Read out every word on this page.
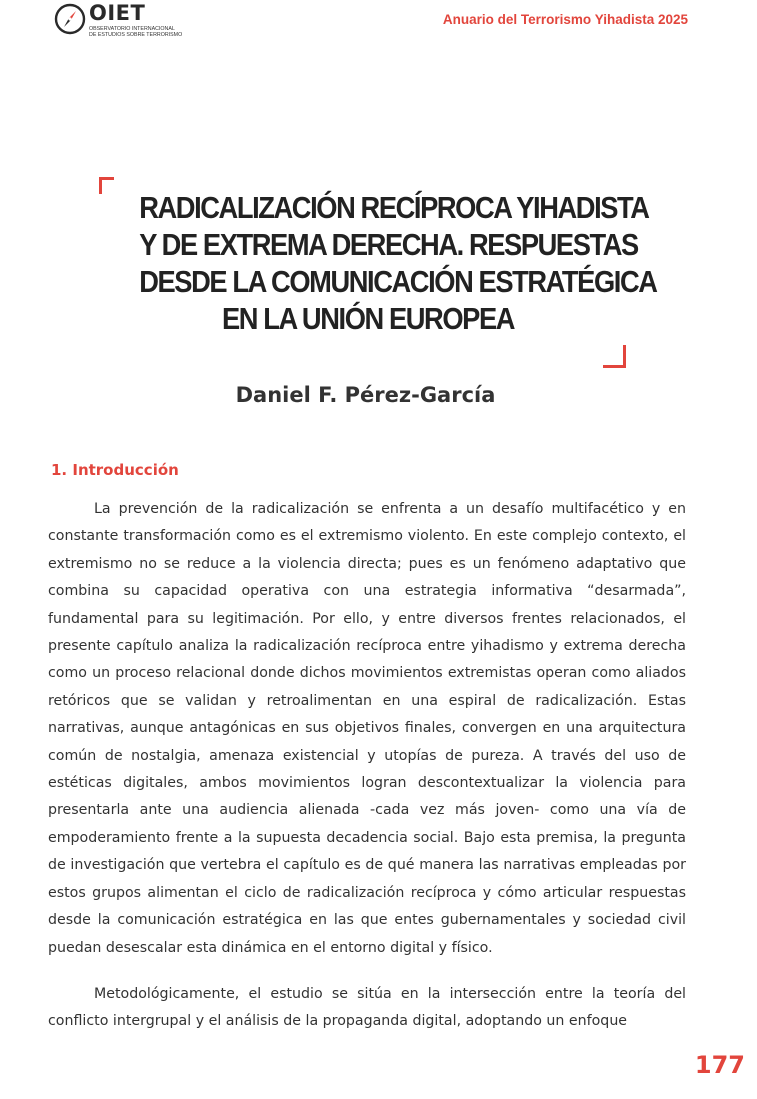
OIET
OBSERVATORIO INTERNACIONAL
DE ESTUDIOS SOBRE TERRORISMO
Anuario del Terrorismo Yihadista 2025
RADICALIZACIÓN RECÍPROCA YIHADISTA
Y DE EXTREMA DERECHA. RESPUESTAS
DESDE LA COMUNICACIÓN ESTRATÉGICA
EN LA UNIÓN EUROPEA
Daniel F. Pérez-García
1. Introducción

La prevención de la radicalización se enfrenta a un desafío multifacético y en constante transformación como es el extremismo violento. En este complejo contexto, el extremismo no se reduce a la violencia directa; pues es un fenómeno adaptativo que combina su capacidad operativa con una estrategia informativa “desarmada”, fundamental para su legitimación. Por ello, y entre diversos frentes relacionados, el presente capítulo analiza la radicalización recíproca entre yihadismo y extrema derecha como un proceso relacional donde dichos movimientos extremistas operan como aliados retóricos que se validan y retroalimentan en una espiral de radicalización. Estas narrativas, aunque antagónicas en sus objetivos finales, convergen en una arquitectura común de nostalgia, amenaza existencial y utopías de pureza. A través del uso de estéticas digitales, ambos movimientos logran descontextualizar la violencia para presentarla ante una audiencia alienada -cada vez más joven- como una vía de empoderamiento frente a la supuesta decadencia social. Bajo esta premisa, la pregunta de investigación que vertebra el capítulo es de qué manera las narrativas empleadas por estos grupos alimentan el ciclo de radicalización recíproca y cómo articular respuestas desde la comunicación estratégica en las que entes gubernamentales y sociedad civil puedan desescalar esta dinámica en el entorno digital y físico.

Metodológicamente, el estudio se sitúa en la intersección entre la teoría del conflicto intergrupal y el análisis de la propaganda digital, adoptando un enfoque

177
